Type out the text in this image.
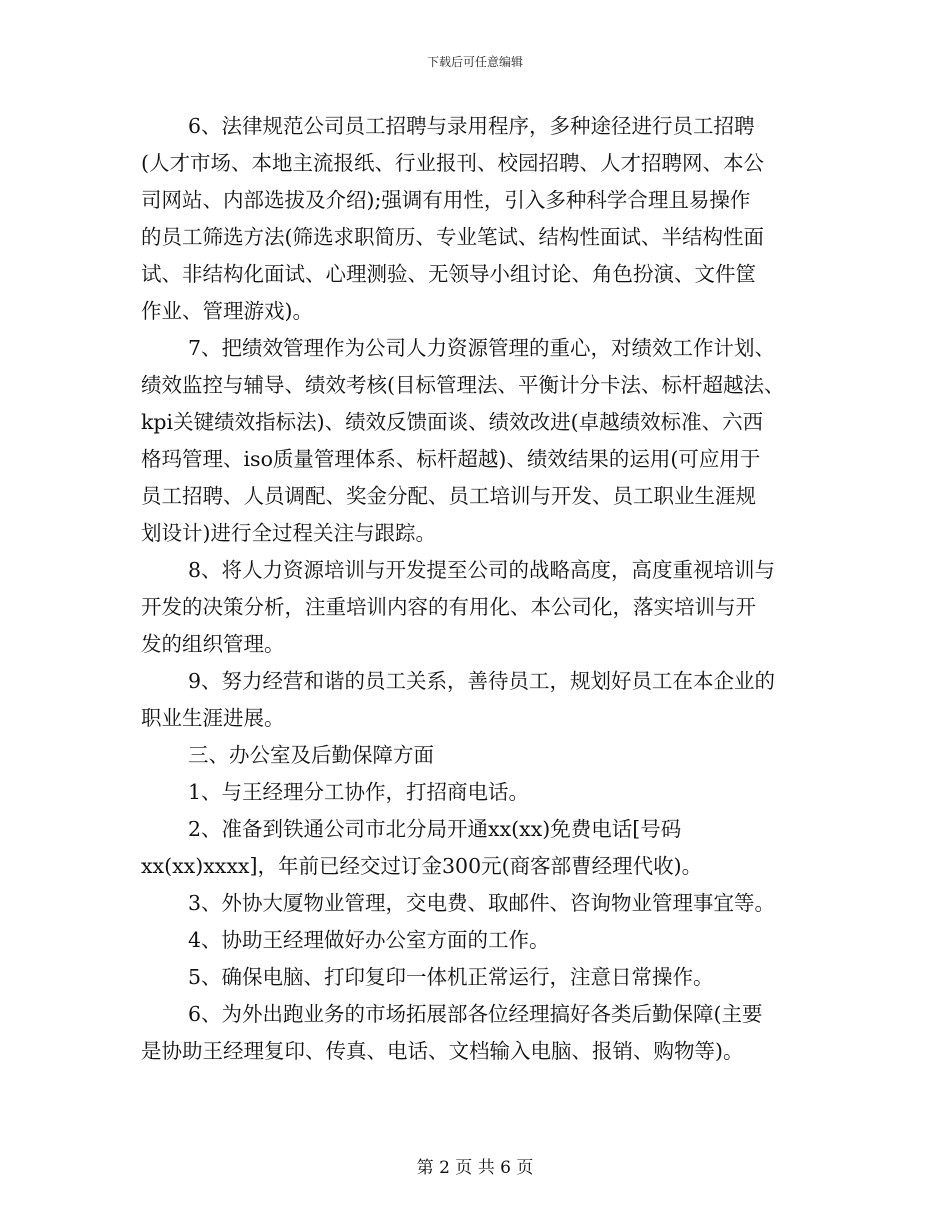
下载后可任意编辑
6、法律规范公司员工招聘与录用程序，多种途径进行员工招聘
(人才市场、本地主流报纸、行业报刊、校园招聘、人才招聘网、本公
司网站、内部选拔及介绍);强调有用性，引入多种科学合理且易操作
的员工筛选方法(筛选求职简历、专业笔试、结构性面试、半结构性面
试、非结构化面试、心理测验、无领导小组讨论、角色扮演、文件筐
作业、管理游戏)。
7、把绩效管理作为公司人力资源管理的重心，对绩效工作计划、
绩效监控与辅导、绩效考核(目标管理法、平衡计分卡法、标杆超越法、
kpi关键绩效指标法)、绩效反馈面谈、绩效改进(卓越绩效标准、六西
格玛管理、iso质量管理体系、标杆超越)、绩效结果的运用(可应用于
员工招聘、人员调配、奖金分配、员工培训与开发、员工职业生涯规
划设计)进行全过程关注与跟踪。
8、将人力资源培训与开发提至公司的战略高度，高度重视培训与
开发的决策分析，注重培训内容的有用化、本公司化，落实培训与开
发的组织管理。
9、努力经营和谐的员工关系，善待员工，规划好员工在本企业的
职业生涯进展。
三、办公室及后勤保障方面
1、与王经理分工协作，打招商电话。
2、准备到铁通公司市北分局开通xx(xx)免费电话[号码
xx(xx)xxxx]，年前已经交过订金300元(商客部曹经理代收)。
3、外协大厦物业管理，交电费、取邮件、咨询物业管理事宜等。
4、协助王经理做好办公室方面的工作。
5、确保电脑、打印复印一体机正常运行，注意日常操作。
6、为外出跑业务的市场拓展部各位经理搞好各类后勤保障(主要
是协助王经理复印、传真、电话、文档输入电脑、报销、购物等)。
第 2 页 共 6 页
